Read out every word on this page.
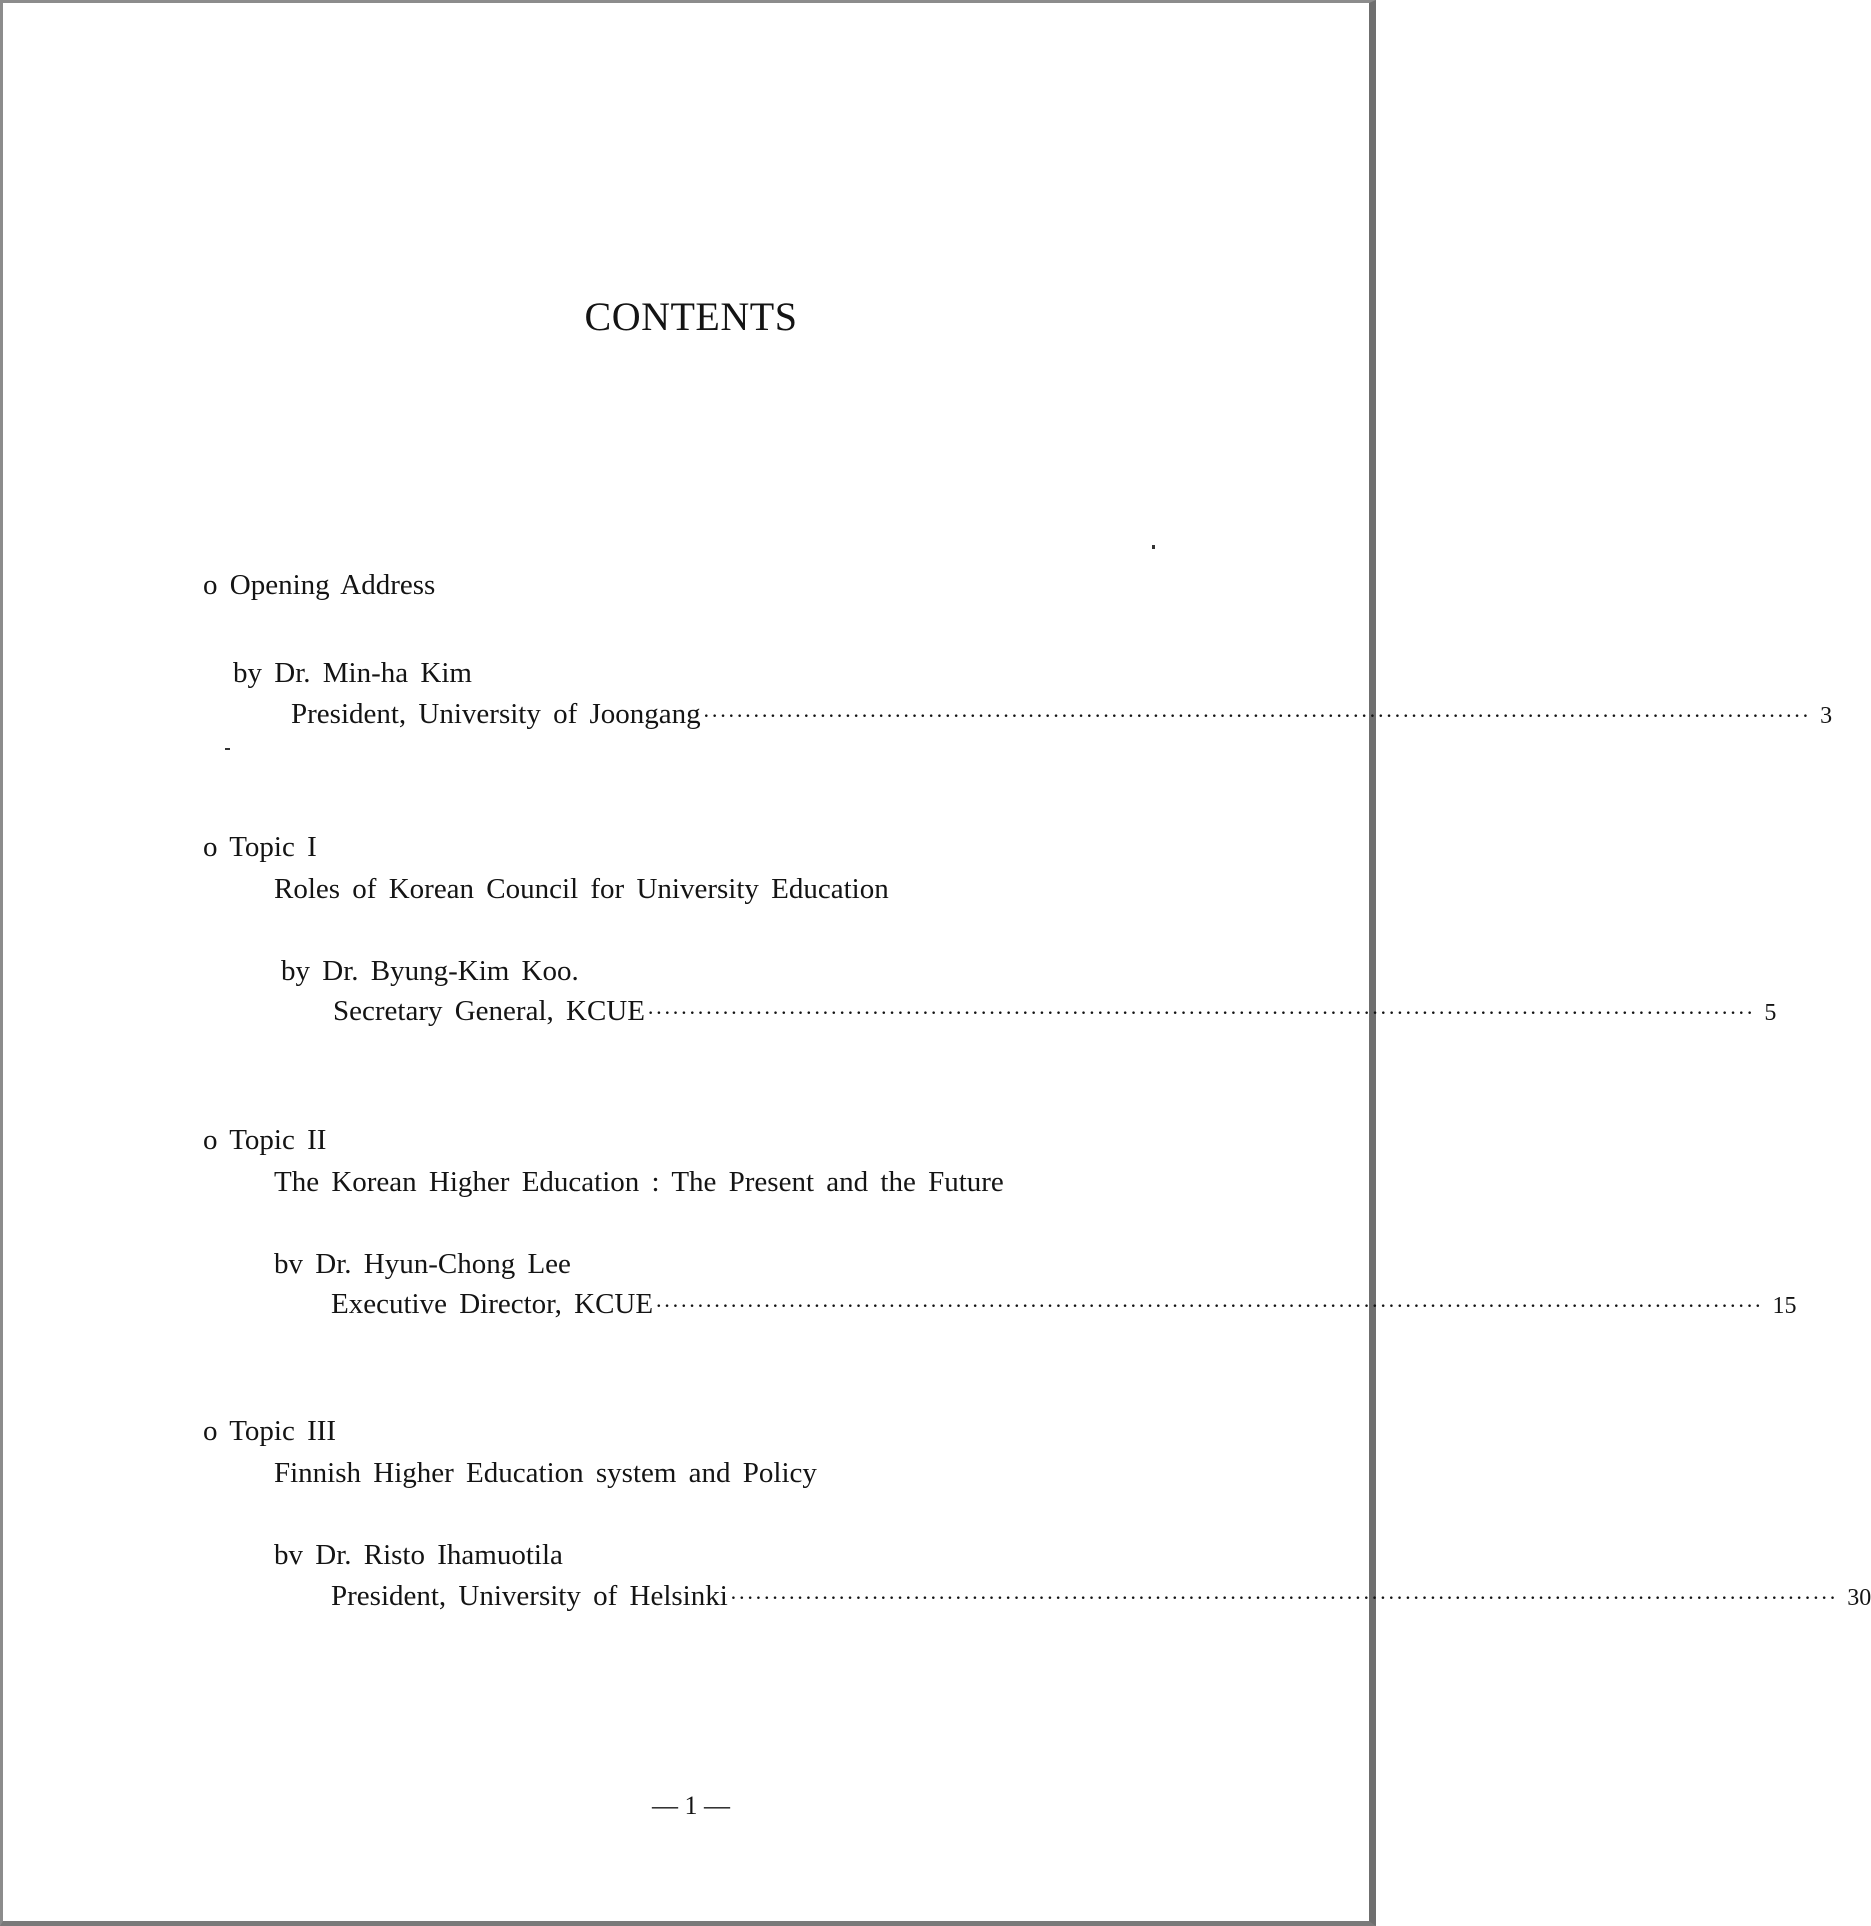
CONTENTS
o Opening Address
by Dr. Min-ha Kim
President, University of Joongang ····································································································································· 3
o Topic I
Roles of Korean Council for University Education
by Dr. Byung-Kim Koo.
Secretary General, KCUE ····································································································································· 5
o Topic II
The Korean Higher Education : The Present and the Future
bv Dr. Hyun-Chong Lee
Executive Director, KCUE ····································································································································· 15
o Topic III
Finnish Higher Education system and Policy
bv Dr. Risto Ihamuotila
President, University of Helsinki ····································································································································· 30
— 1 —
